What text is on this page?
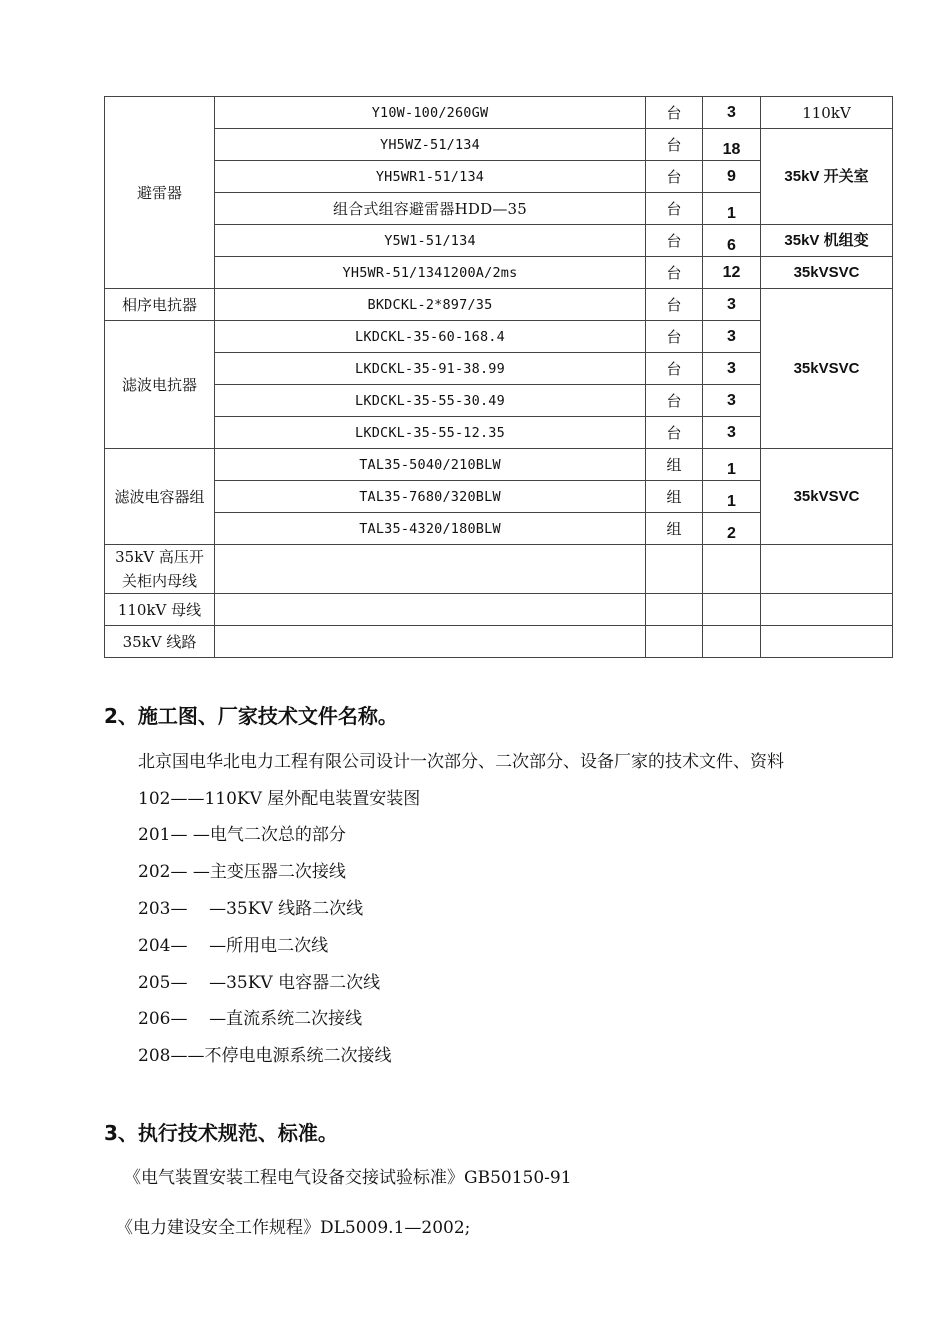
避雷器	Y10W-100/260GW	台	3	110kV
	YH5WZ-51/134	台	18	35kV 开关室
	YH5WR1-51/134	台	9	
	组合式组容避雷器HDD—35	台	1	
	Y5W1-51/134	台	6	35kV 机组变
	YH5WR-51/1341200A/2ms	台	12	35kVSVC
相序电抗器	BKDCKL-2*897/35	台	3	35kVSVC
滤波电抗器	LKDCKL-35-60-168.4	台	3	
	LKDCKL-35-91-38.99	台	3	
	LKDCKL-35-55-30.49	台	3	
	LKDCKL-35-55-12.35	台	3	
滤波电容器组	TAL35-5040/210BLW	组	1	35kVSVC
	TAL35-7680/320BLW	组	1	
	TAL35-4320/180BLW	组	2	
35kV 高压开关柜内母线				
110kV 母线				
35kV 线路				
2、施工图、厂家技术文件名称。
北京国电华北电力工程有限公司设计一次部分、二次部分、设备厂家的技术文件、资料
102——110KV 屋外配电装置安装图
201— —电气二次总的部分
202— —主变压器二次接线
203—    —35KV 线路二次线
204—    —所用电二次线
205—    —35KV 电容器二次线
206—    —直流系统二次接线
208——不停电电源系统二次接线
3、执行技术规范、标准。
《电气装置安装工程电气设备交接试验标准》GB50150-91
《电力建设安全工作规程》DL5009.1—2002;
